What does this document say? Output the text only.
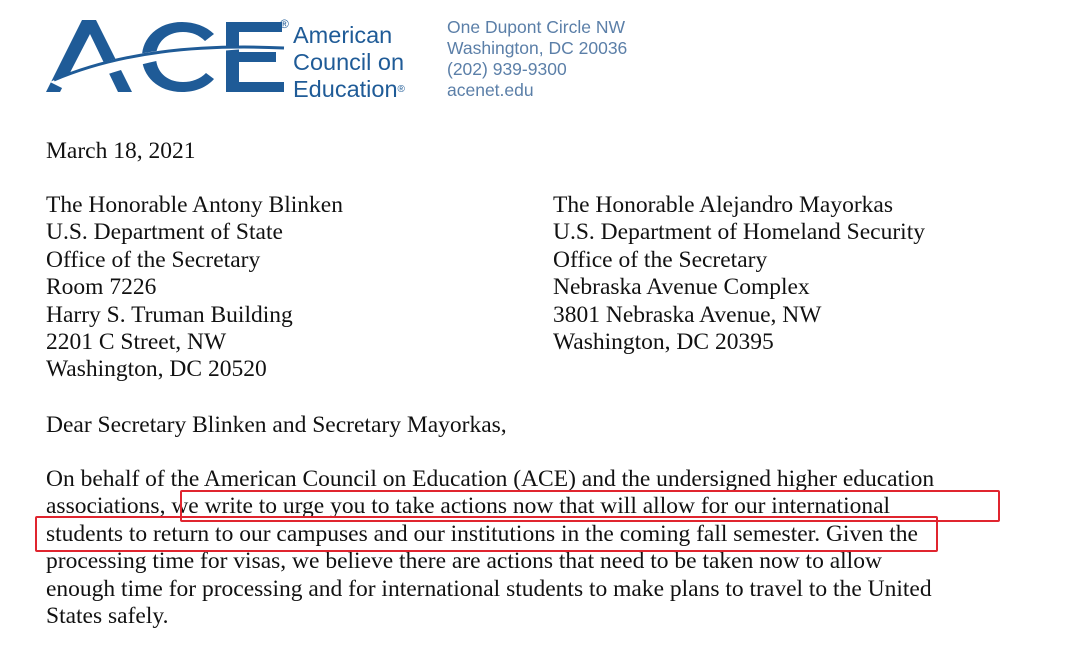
® American
Council on
Education®
One Dupont Circle NW
Washington, DC 20036
(202) 939-9300
acenet.edu
March 18, 2021
The Honorable Antony Blinken
U.S. Department of State
Office of the Secretary
Room 7226
Harry S. Truman Building
2201 C Street, NW
Washington, DC 20520
The Honorable Alejandro Mayorkas
U.S. Department of Homeland Security
Office of the Secretary
Nebraska Avenue Complex
3801 Nebraska Avenue, NW
Washington, DC 20395
Dear Secretary Blinken and Secretary Mayorkas,
On behalf of the American Council on Education (ACE) and the undersigned higher education
associations, we write to urge you to take actions now that will allow for our international
students to return to our campuses and our institutions in the coming fall semester. Given the
processing time for visas, we believe there are actions that need to be taken now to allow
enough time for processing and for international students to make plans to travel to the United
States safely.
